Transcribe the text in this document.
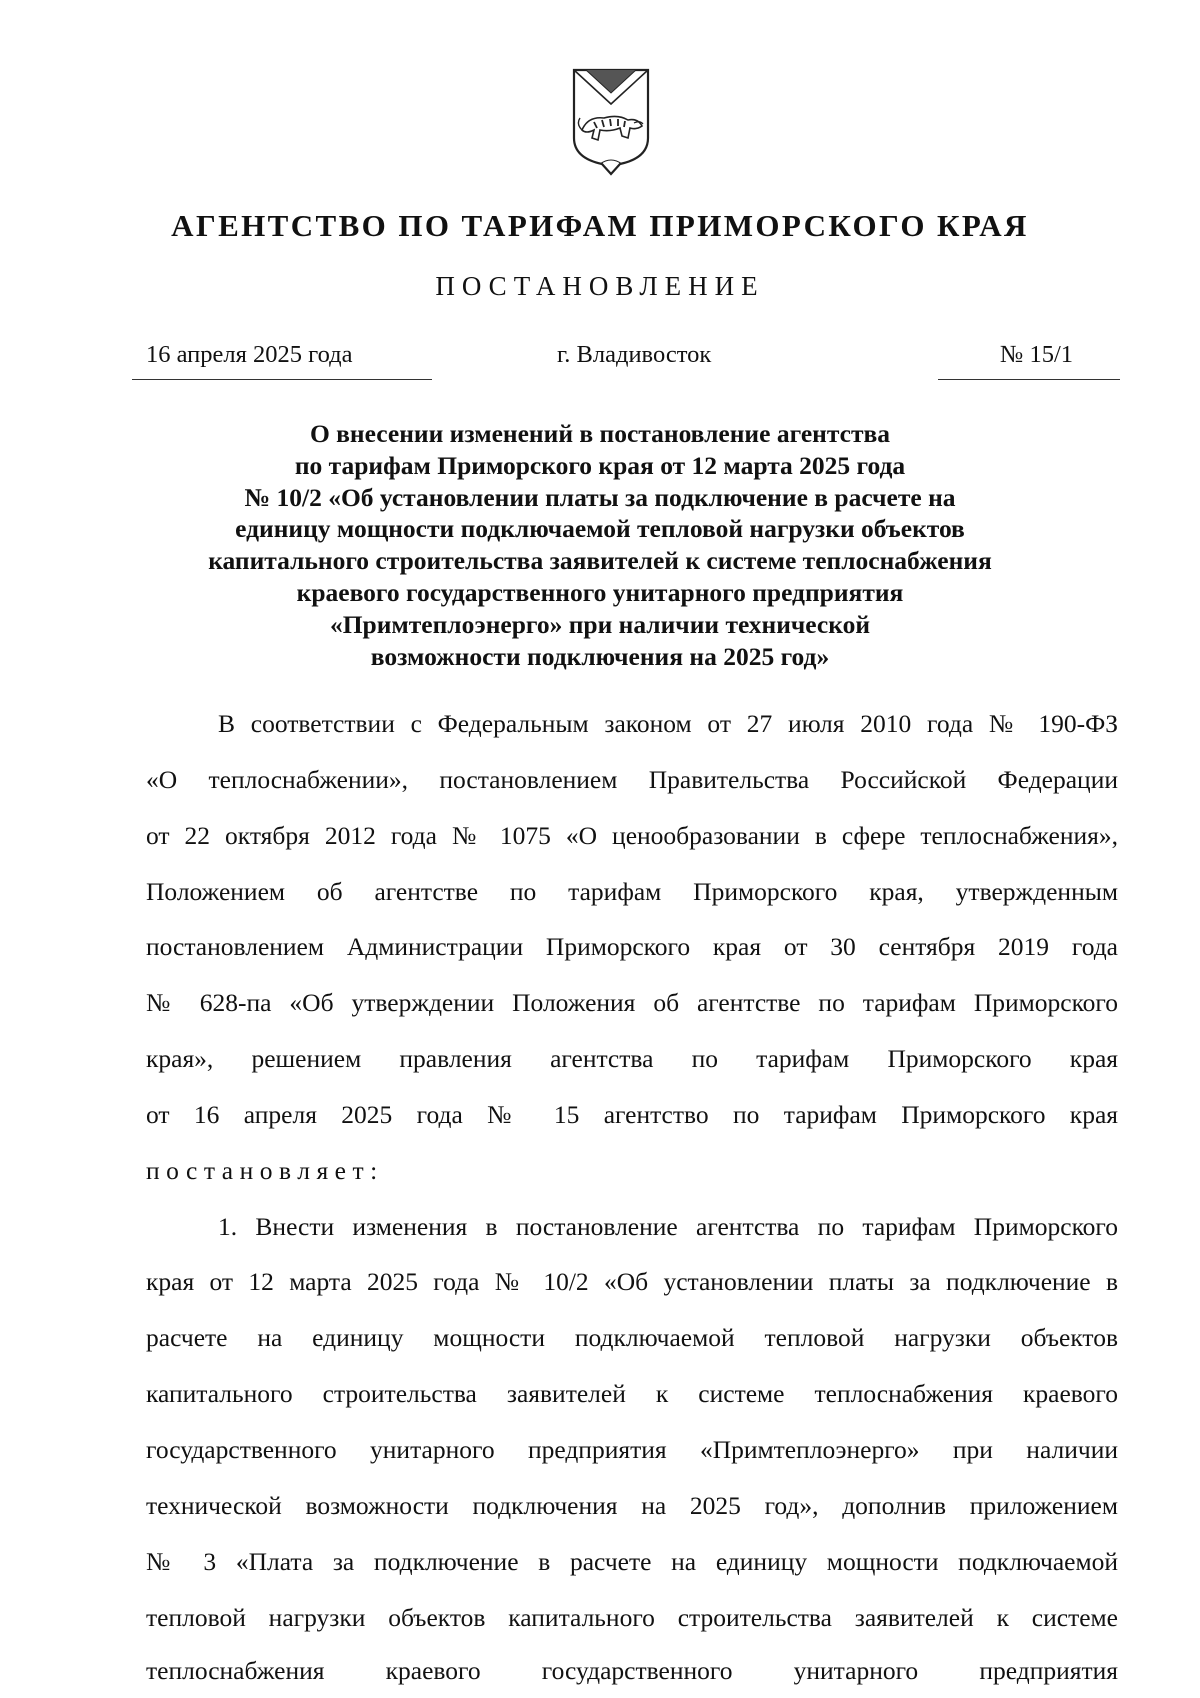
АГЕНТСТВО ПО ТАРИФАМ ПРИМОРСКОГО КРАЯ
ПОСТАНОВЛЕНИЕ
16 апреля 2025 года	г. Владивосток	№ 15/1
О внесении изменений в постановление агентства
по тарифам Приморского края от 12 марта 2025 года
№ 10/2 «Об установлении платы за подключение в расчете на
единицу мощности подключаемой тепловой нагрузки объектов
капитального строительства заявителей к системе теплоснабжения
краевого государственного унитарного предприятия
«Примтеплоэнерго» при наличии технической
возможности подключения на 2025 год»
В соответствии с Федеральным законом от 27 июля 2010 года № 190-ФЗ
«О теплоснабжении», постановлением Правительства Российской Федерации
от 22 октября 2012 года № 1075 «О ценообразовании в сфере теплоснабжения»,
Положением об агентстве по тарифам Приморского края, утвержденным
постановлением Администрации Приморского края от 30 сентября 2019 года
№ 628-па «Об утверждении Положения об агентстве по тарифам Приморского
края», решением правления агентства по тарифам Приморского края
от 16 апреля 2025 года № 15 агентство по тарифам Приморского края
постановляет:
1. Внести изменения в постановление агентства по тарифам Приморского
края от 12 марта 2025 года № 10/2 «Об установлении платы за подключение в
расчете на единицу мощности подключаемой тепловой нагрузки объектов
капитального строительства заявителей к системе теплоснабжения краевого
государственного унитарного предприятия «Примтеплоэнерго» при наличии
технической возможности подключения на 2025 год», дополнив приложением
№ 3 «Плата за подключение в расчете на единицу мощности подключаемой
тепловой нагрузки объектов капитального строительства заявителей к системе
теплоснабжения краевого государственного унитарного предприятия
